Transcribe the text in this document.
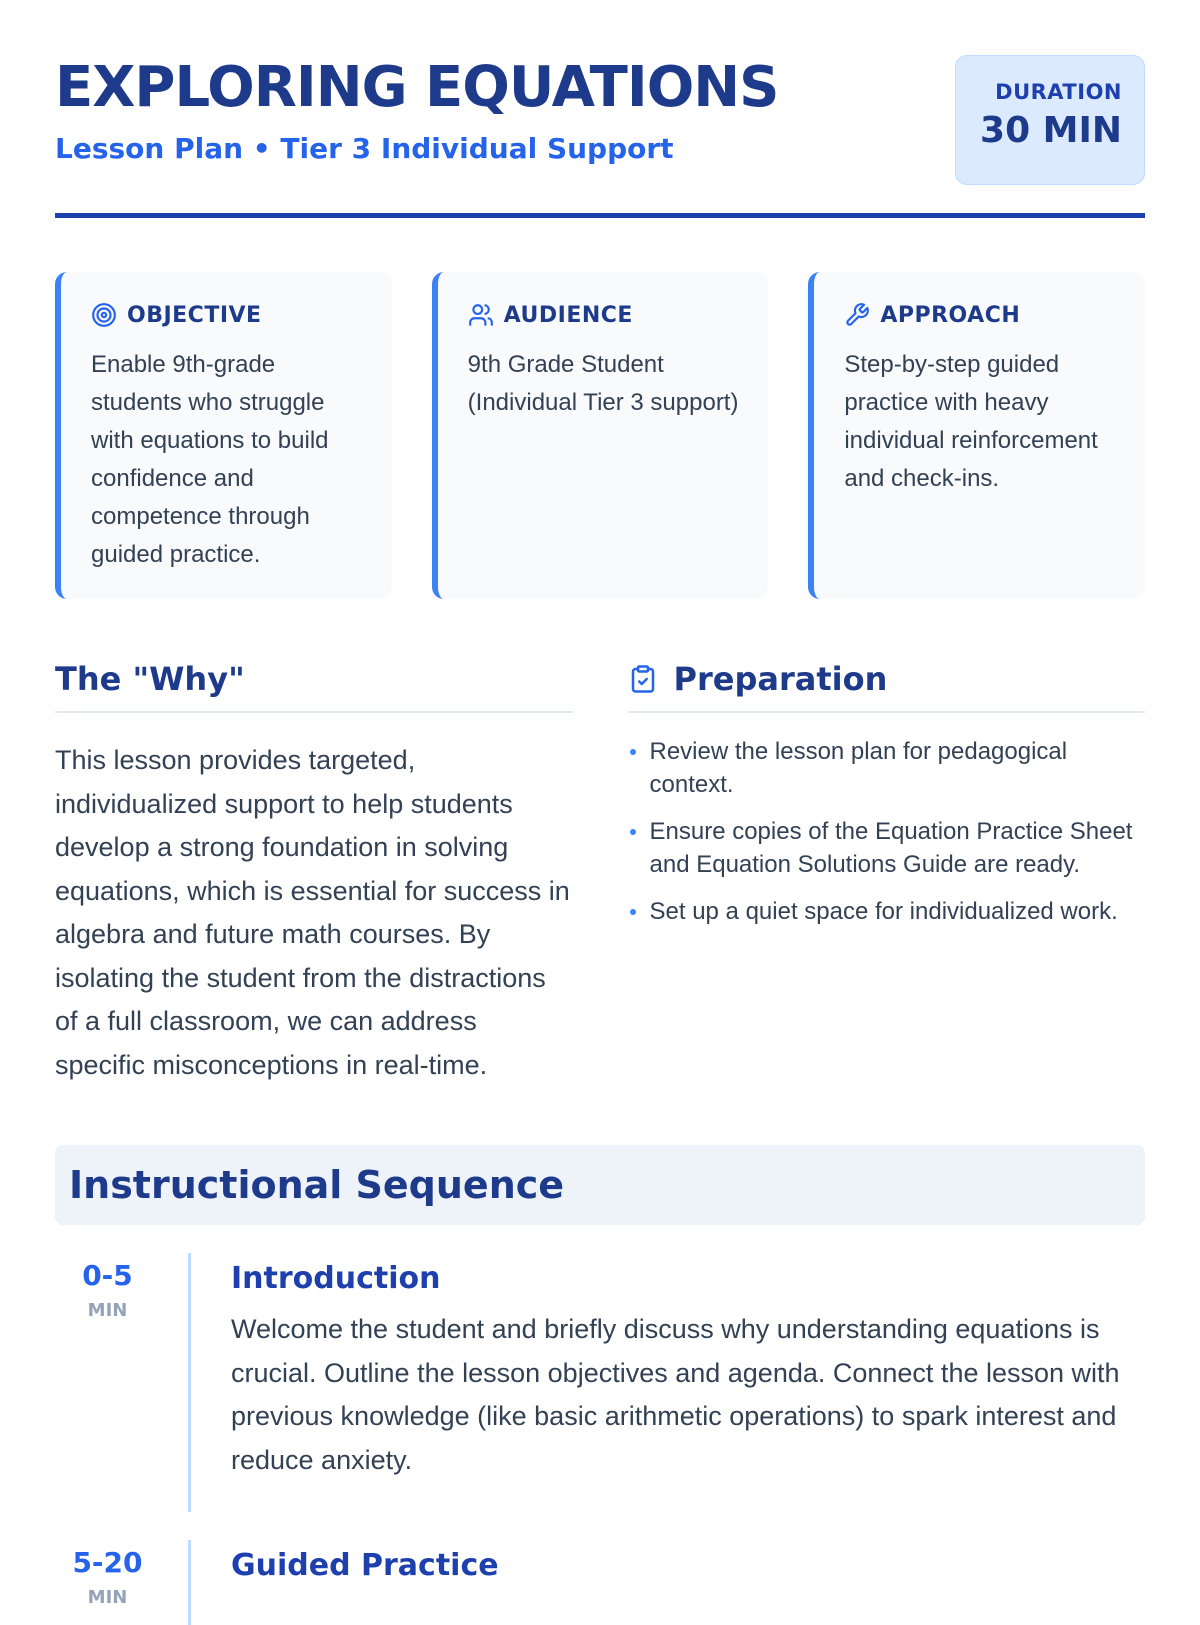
EXPLORING EQUATIONS
Lesson Plan • Tier 3 Individual Support
DURATION
30 MIN
OBJECTIVE
Enable 9th-grade students who struggle with equations to build confidence and competence through guided practice.
AUDIENCE
9th Grade Student (Individual Tier 3 support)
APPROACH
Step-by-step guided practice with heavy individual reinforcement and check-ins.
The "Why"
This lesson provides targeted, individualized support to help students develop a strong foundation in solving equations, which is essential for success in algebra and future math courses. By isolating the student from the distractions of a full classroom, we can address specific misconceptions in real-time.
Preparation
Review the lesson plan for pedagogical context.
Ensure copies of the Equation Practice Sheet and Equation Solutions Guide are ready.
Set up a quiet space for individualized work.
Instructional Sequence
0-5
MIN
Introduction
Welcome the student and briefly discuss why understanding equations is crucial. Outline the lesson objectives and agenda. Connect the lesson with previous knowledge (like basic arithmetic operations) to spark interest and reduce anxiety.
5-20
MIN
Guided Practice
